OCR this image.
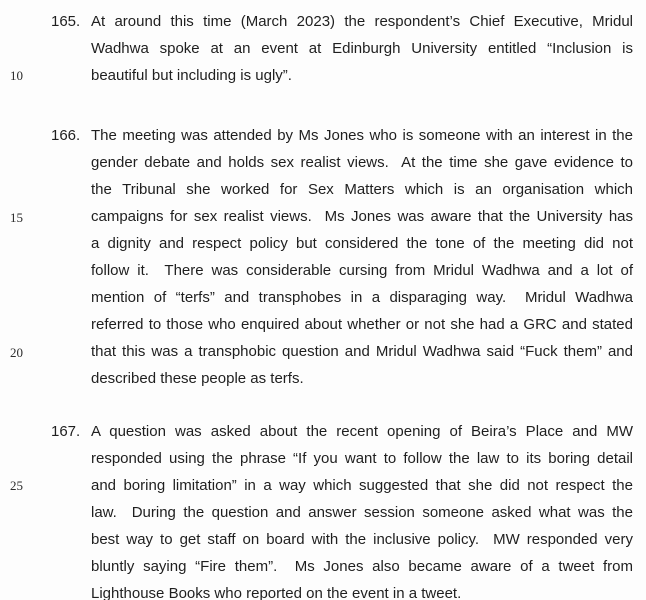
10
15
20
25
165. At around this time (March 2023) the respondent’s Chief Executive, Mridul
Wadhwa spoke at an event at Edinburgh University entitled “Inclusion is
beautiful but including is ugly”.
166. The meeting was attended by Ms Jones who is someone with an interest in the
gender debate and holds sex realist views.  At the time she gave evidence to
the Tribunal she worked for Sex Matters which is an organisation which
campaigns for sex realist views.  Ms Jones was aware that the University has
a dignity and respect policy but considered the tone of the meeting did not
follow it.  There was considerable cursing from Mridul Wadhwa and a lot of
mention of “terfs” and transphobes in a disparaging way.  Mridul Wadhwa
referred to those who enquired about whether or not she had a GRC and stated
that this was a transphobic question and Mridul Wadhwa said “Fuck them” and
described these people as terfs.
167. A question was asked about the recent opening of Beira’s Place and MW
responded using the phrase “If you want to follow the law to its boring detail
and boring limitation” in a way which suggested that she did not respect the
law.  During the question and answer session someone asked what was the
best way to get staff on board with the inclusive policy.  MW responded very
bluntly saying “Fire them”.  Ms Jones also became aware of a tweet from
Lighthouse Books who reported on the event in a tweet.
